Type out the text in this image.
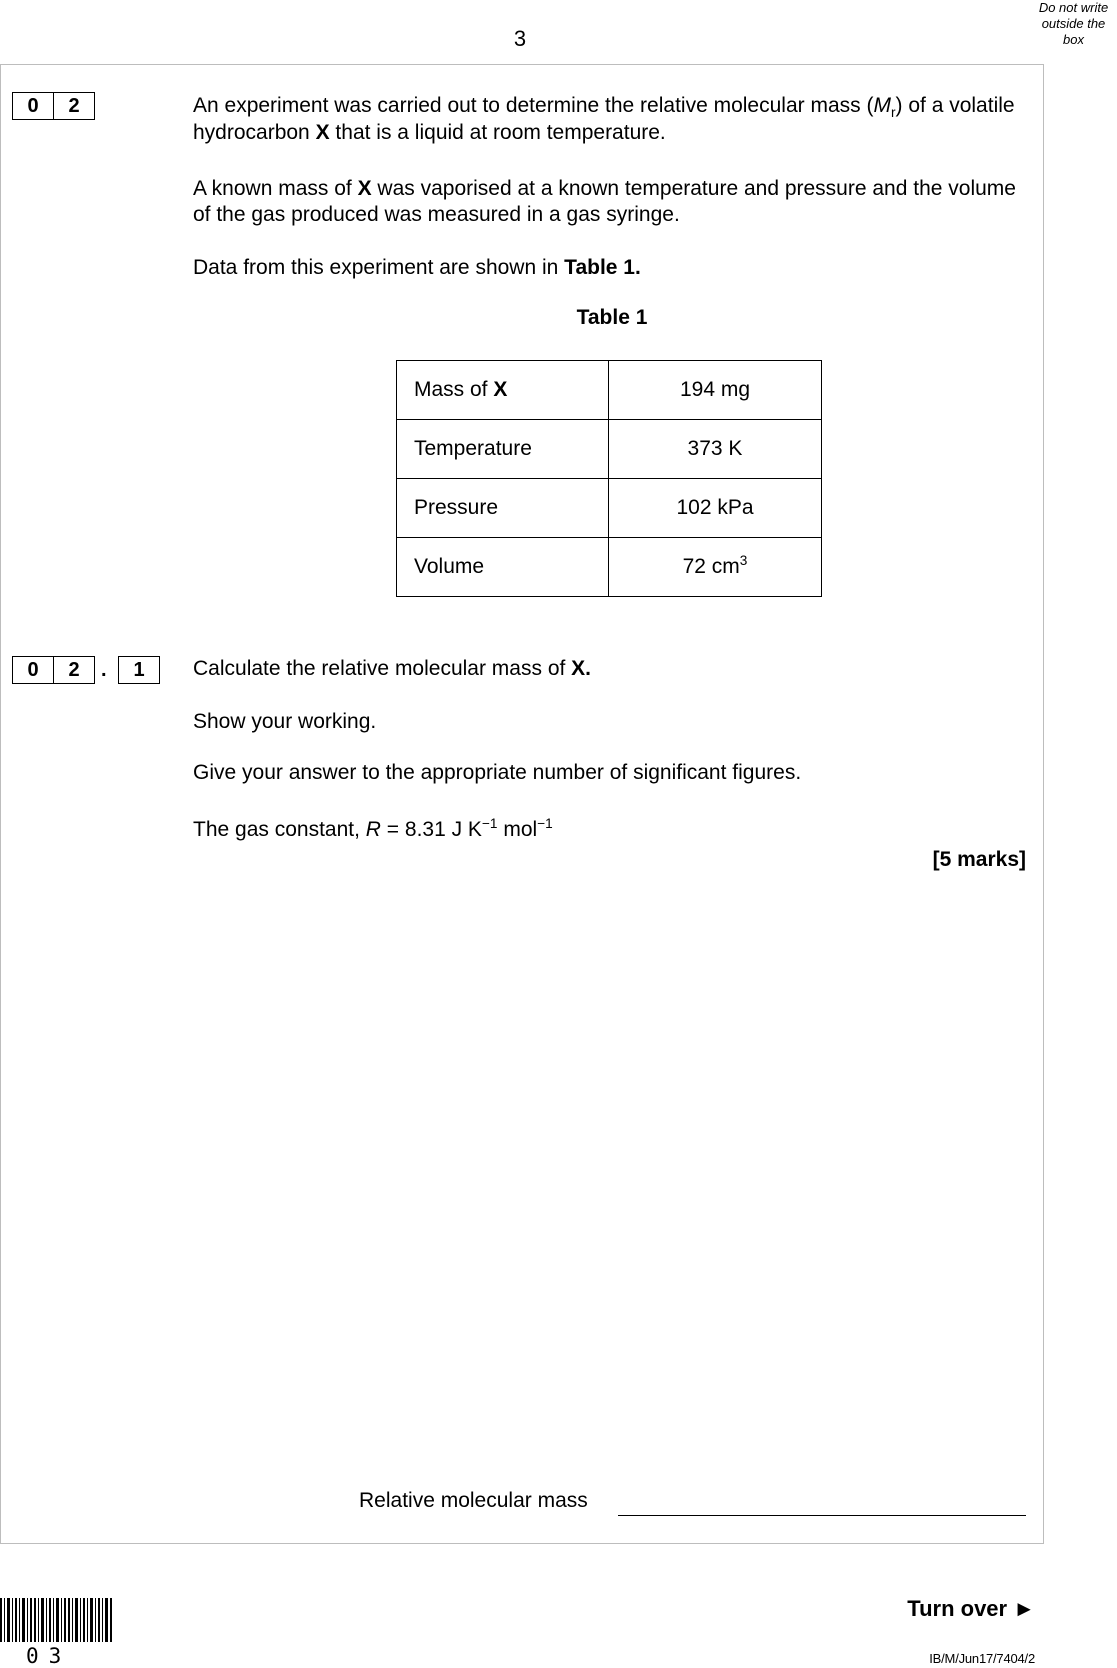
3
Do not write
outside the
box
0	2	An experiment was carried out to determine the relative molecular mass $(M_r)$ of a volatile hydrocarbon X that is a liquid at room temperature.
A known mass of X was vaporised at a known temperature and pressure and the volume of the gas produced was measured in a gas syringe.
Data from this experiment are shown in Table 1.
Table 1
Mass of X	194 mg
Temperature	373 K
Pressure	102 kPa
Volume	72 $cm^3$
0	2	.	1	Calculate the relative molecular mass of X.
Show your working.
Give your answer to the appropriate number of significant figures.
The gas constant, R = 8.31 J $K^{-1}$ mol$^{-1}$
[5 marks]
Relative molecular mass
03
Turn over ►
IB/M/Jun17/7404/2
